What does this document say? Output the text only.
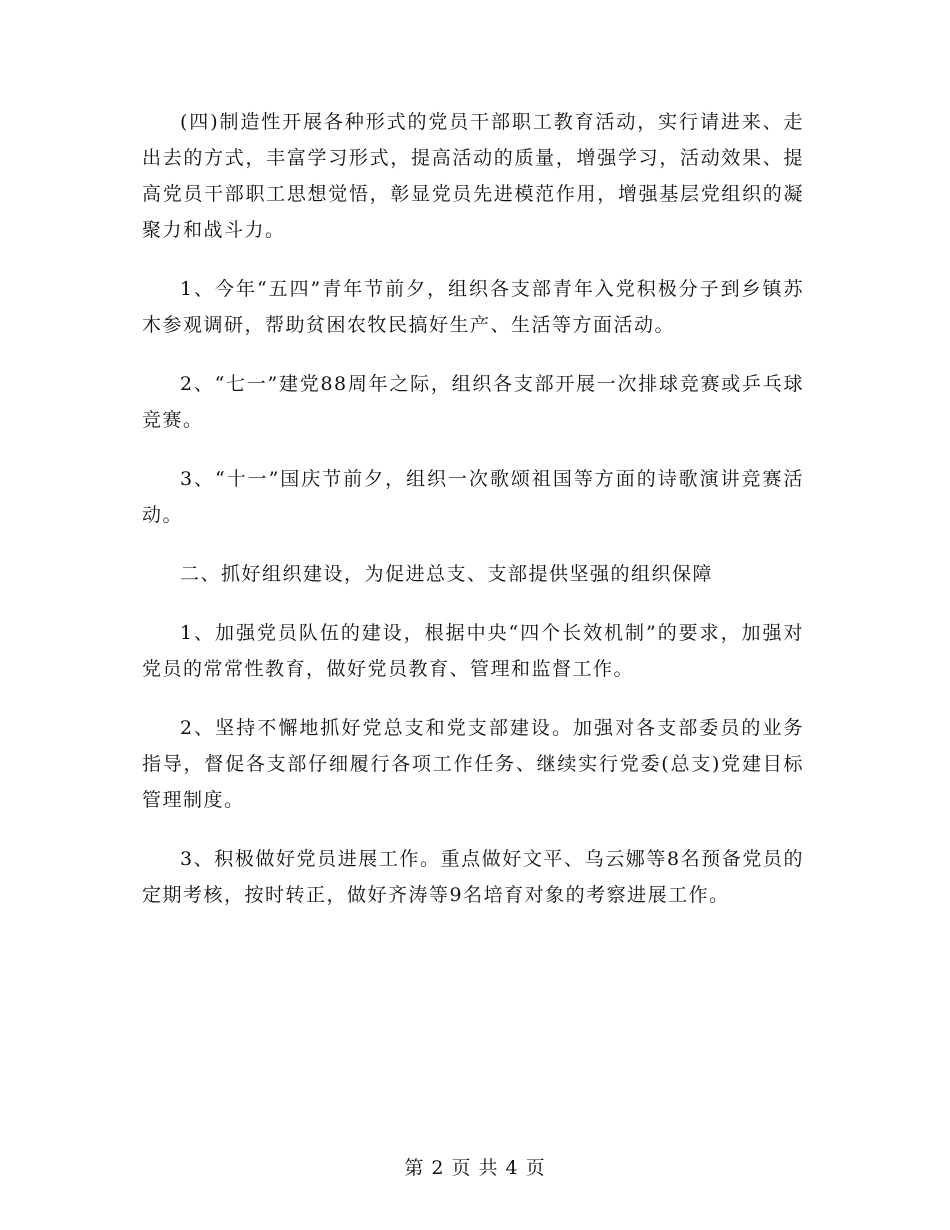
(四)制造性开展各种形式的党员干部职工教育活动，实行请进来、走出去的方式，丰富学习形式，提高活动的质量，增强学习，活动效果、提高党员干部职工思想觉悟，彰显党员先进模范作用，增强基层党组织的凝聚力和战斗力。

1、今年“五四”青年节前夕，组织各支部青年入党积极分子到乡镇苏木参观调研，帮助贫困农牧民搞好生产、生活等方面活动。

2、“七一”建党88周年之际，组织各支部开展一次排球竞赛或乒乓球竞赛。

3、“十一”国庆节前夕，组织一次歌颂祖国等方面的诗歌演讲竞赛活动。

二、抓好组织建设，为促进总支、支部提供坚强的组织保障

1、加强党员队伍的建设，根据中央“四个长效机制”的要求，加强对党员的常常性教育，做好党员教育、管理和监督工作。

2、坚持不懈地抓好党总支和党支部建设。加强对各支部委员的业务指导，督促各支部仔细履行各项工作任务、继续实行党委(总支)党建目标管理制度。

3、积极做好党员进展工作。重点做好文平、乌云娜等8名预备党员的定期考核，按时转正，做好齐涛等9名培育对象的考察进展工作。

第 2 页 共 4 页
